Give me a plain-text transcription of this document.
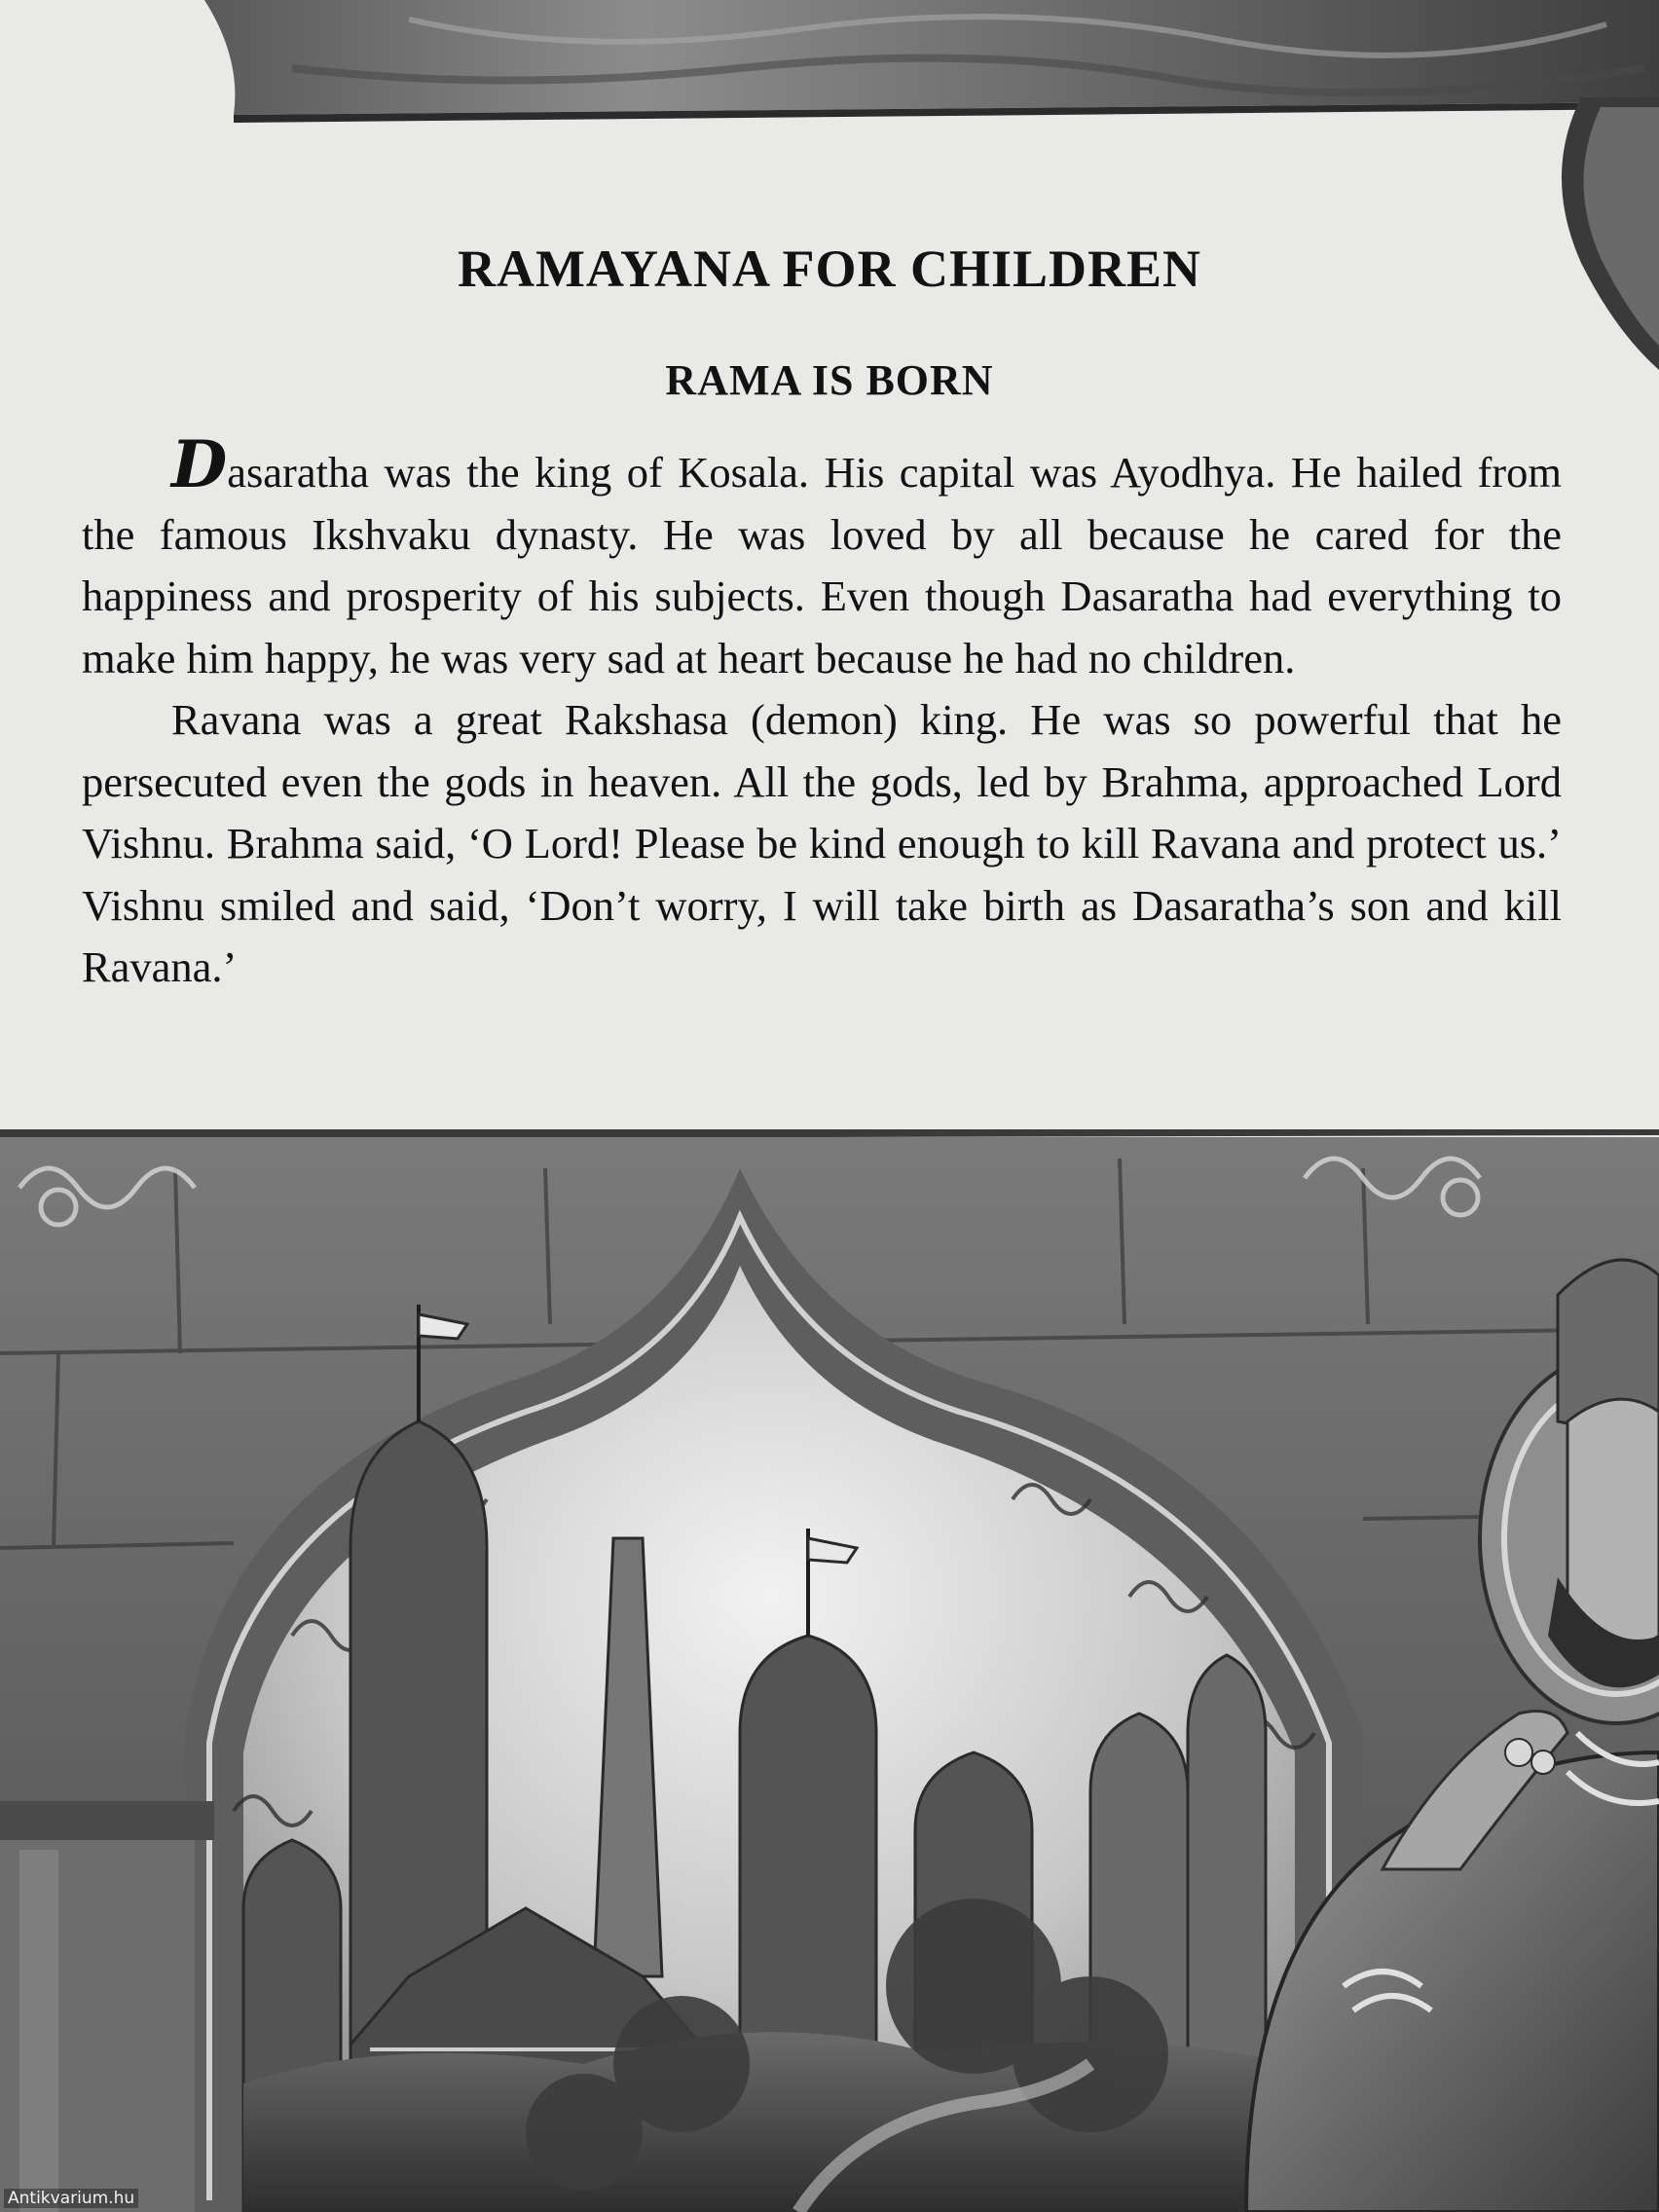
RAMAYANA FOR CHILDREN
RAMA IS BORN

Dasaratha was the king of Kosala. His capital was Ayodhya. He hailed from the famous Ikshvaku dynasty. He was loved by all because he cared for the happiness and prosperity of his subjects. Even though Dasaratha had everything to make him happy, he was very sad at heart because he had no children.

Ravana was a great Rakshasa (demon) king. He was so powerful that he persecuted even the gods in heaven. All the gods, led by Brahma, approached Lord Vishnu. Brahma said, ‘O Lord! Please be kind enough to kill Ravana and protect us.’ Vishnu smiled and said, ‘Don’t worry, I will take birth as Dasaratha’s son and kill Ravana.’

Antikvarium.hu
